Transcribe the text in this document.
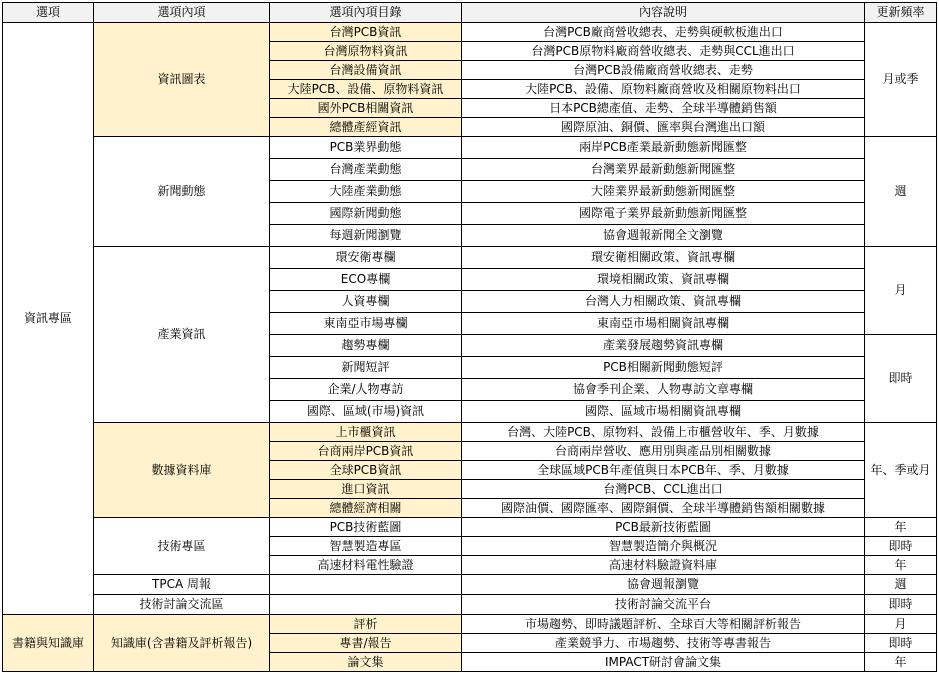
選項	選項內項	選項內項目錄	內容說明	更新頻率
資訊專區	資訊圖表	台灣PCB資訊	台灣PCB廠商營收總表、走勢與硬軟板進出口	月或季
		台灣原物料資訊	台灣PCB原物料廠商營收總表、走勢與CCL進出口	
		台灣設備資訊	台灣PCB設備廠商營收總表、走勢	
		大陸PCB、設備、原物料資訊	大陸PCB、設備、原物料廠商營收及相關原物料出口	
		國外PCB相關資訊	日本PCB總產值、走勢、全球半導體銷售額	
		總體產經資訊	國際原油、銅價、匯率與台灣進出口額	
	新聞動態	PCB業界動態	兩岸PCB產業最新動態新聞匯整	週
		台灣產業動態	台灣業界最新動態新聞匯整	
		大陸產業動態	大陸業界最新動態新聞匯整	
		國際新聞動態	國際電子業界最新動態新聞匯整	
		每週新聞瀏覽	協會週報新聞全文瀏覽	
	產業資訊	環安衛專欄	環安衛相關政策、資訊專欄	月
		ECO專欄	環境相關政策、資訊專欄	
		人資專欄	台灣人力相關政策、資訊專欄	
		東南亞市場專欄	東南亞市場相關資訊專欄	
		趨勢專欄	產業發展趨勢資訊專欄	即時
		新聞短評	PCB相關新聞動態短評	
		企業/人物專訪	協會季刊企業、人物專訪文章專欄	
		國際、區域(市場)資訊	國際、區域市場相關資訊專欄	
	數據資料庫	上市櫃資訊	台灣、大陸PCB、原物料、設備上市櫃營收年、季、月數據	年、季或月
		台商兩岸PCB資訊	台商兩岸營收、應用別與產品別相關數據	
		全球PCB資訊	全球區域PCB年產值與日本PCB年、季、月數據	
		進口資訊	台灣PCB、CCL進出口	
		總體經濟相關	國際油價、國際匯率、國際銅價、全球半導體銷售額相關數據	
	技術專區	PCB技術藍圖	PCB最新技術藍圖	年
		智慧製造專區	智慧製造簡介與概況	即時
		高速材料電性驗證	高速材料驗證資料庫	年
	TPCA 周報		協會週報瀏覽	週
	技術討論交流區		技術討論交流平台	即時
書籍與知識庫	知識庫(含書籍及評析報告)	評析	市場趨勢、即時議題評析、全球百大等相關評析報告	月
		專書/報告	產業競爭力、市場趨勢、技術等專書報告	即時
		論文集	IMPACT研討會論文集	年
